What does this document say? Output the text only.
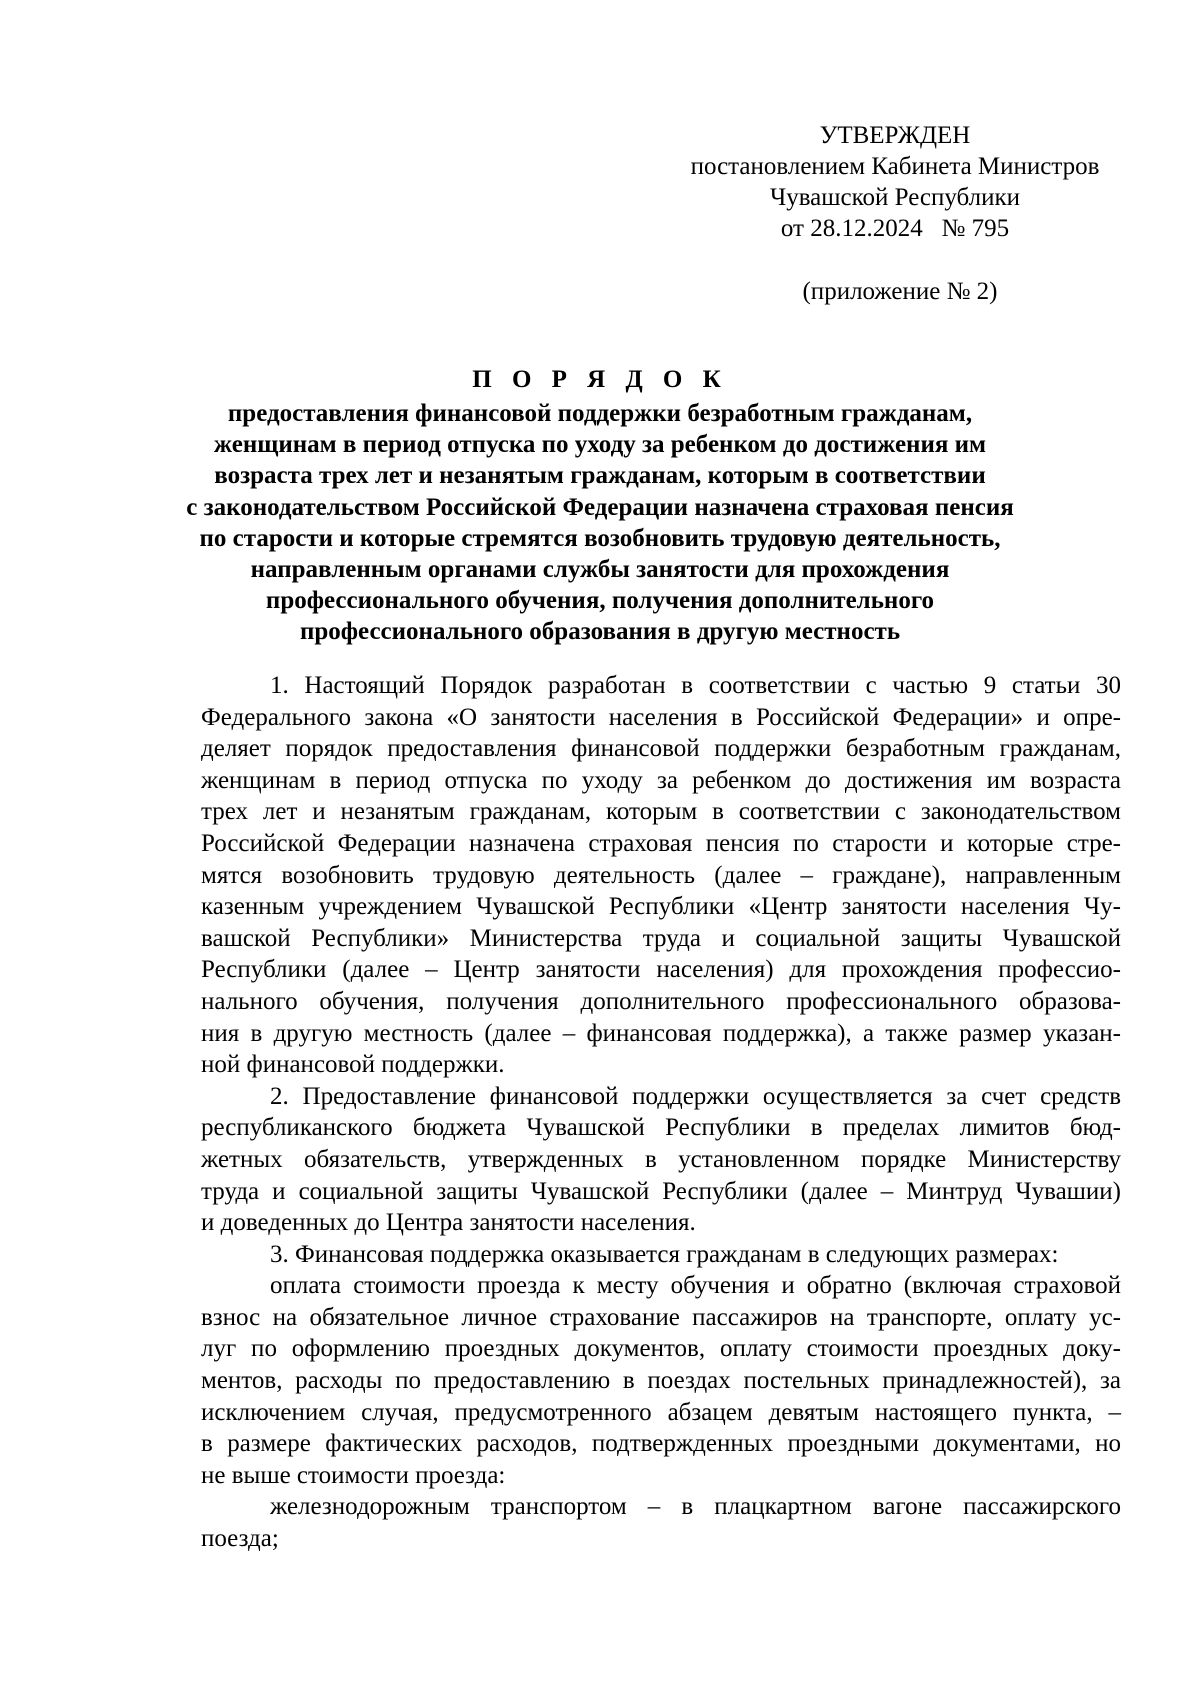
УТВЕРЖДЕН
постановлением Кабинета Министров
Чувашской Республики
от 28.12.2024   № 795
(приложение № 2)
П О Р Я Д О К
предоставления финансовой поддержки безработным гражданам,
женщинам в период отпуска по уходу за ребенком до достижения им
возраста трех лет и незанятым гражданам, которым в соответствии
с законодательством Российской Федерации назначена страховая пенсия
по старости и которые стремятся возобновить трудовую деятельность,
направленным органами службы занятости для прохождения
профессионального обучения, получения дополнительного
профессионального образования в другую местность
1. Настоящий Порядок разработан в соответствии с частью 9 статьи 30
Федерального закона «О занятости населения в Российской Федерации» и опре-
деляет порядок предоставления финансовой поддержки безработным гражданам,
женщинам в период отпуска по уходу за ребенком до достижения им возраста
трех лет и незанятым гражданам, которым в соответствии с законодательством
Российской Федерации назначена страховая пенсия по старости и которые стре-
мятся возобновить трудовую деятельность (далее – граждане), направленным
казенным учреждением Чувашской Республики «Центр занятости населения Чу-
вашской Республики» Министерства труда и социальной защиты Чувашской
Республики (далее – Центр занятости населения) для прохождения профессио-
нального обучения, получения дополнительного профессионального образова-
ния в другую местность (далее – финансовая поддержка), а также размер указан-
ной финансовой поддержки.
2. Предоставление финансовой поддержки осуществляется за счет средств
республиканского бюджета Чувашской Республики в пределах лимитов бюд-
жетных обязательств, утвержденных в установленном порядке Министерству
труда и социальной защиты Чувашской Республики (далее – Минтруд Чувашии)
и доведенных до Центра занятости населения.
3. Финансовая поддержка оказывается гражданам в следующих размерах:
оплата стоимости проезда к месту обучения и обратно (включая страховой
взнос на обязательное личное страхование пассажиров на транспорте, оплату ус-
луг по оформлению проездных документов, оплату стоимости проездных доку-
ментов, расходы по предоставлению в поездах постельных принадлежностей), за
исключением случая, предусмотренного абзацем девятым настоящего пункта, –
в размере фактических расходов, подтвержденных проездными документами, но
не выше стоимости проезда:
железнодорожным транспортом – в плацкартном вагоне пассажирского
поезда;
